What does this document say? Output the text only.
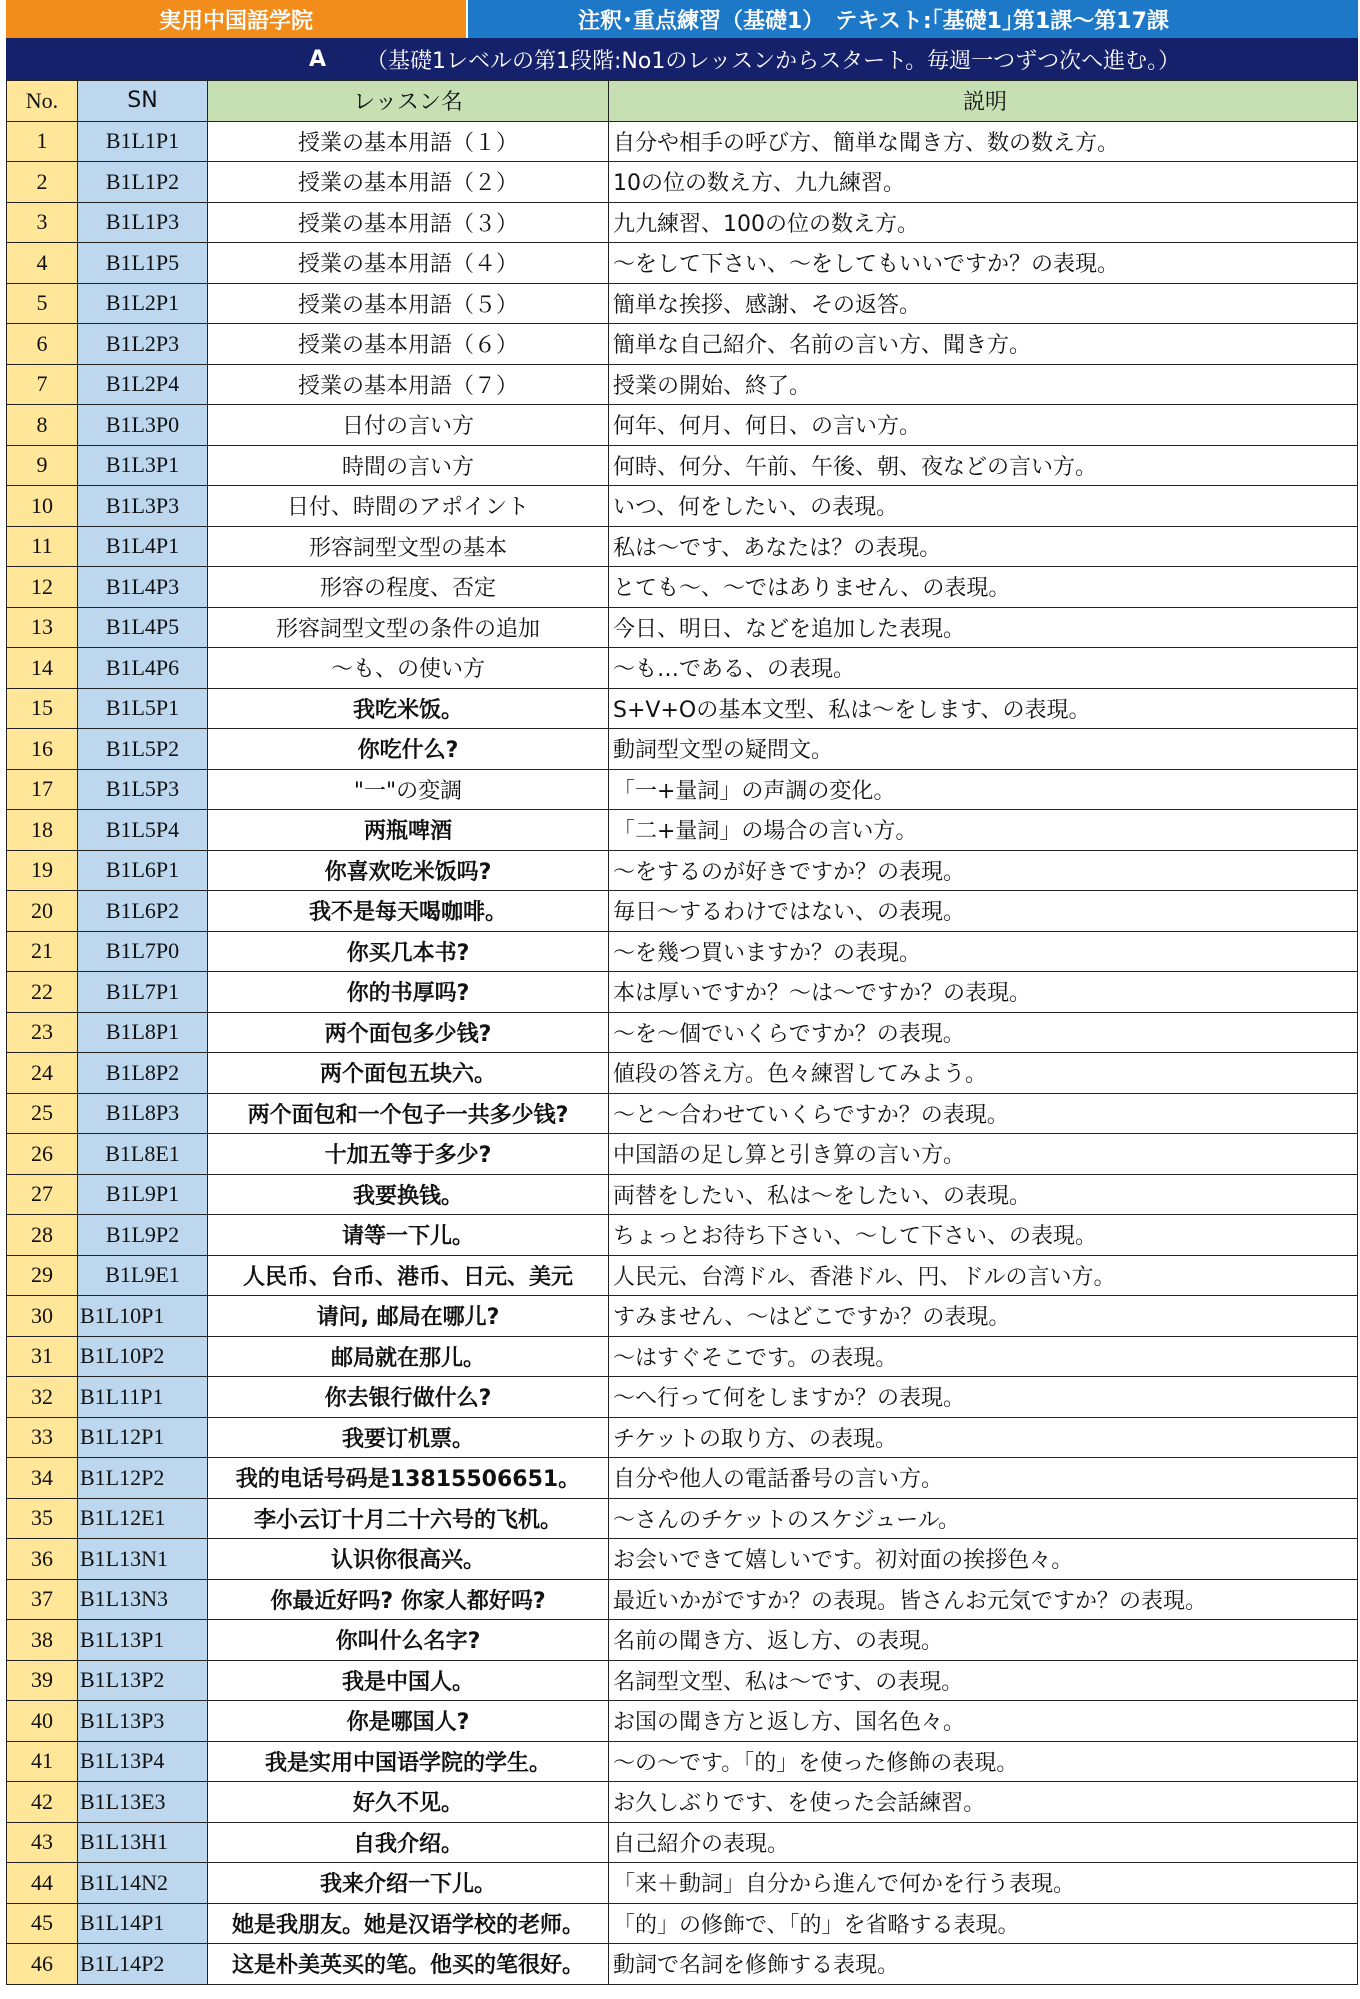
実用中国語学院	注釈･重点練習（基礎1）　テキスト:｢基礎1｣第1課～第17課
A	（基礎1レベルの第1段階:No1のレッスンからスタート。毎週一つずつ次へ進む。）
No.	SN	レッスン名	説明
1	B1L1P1	授業の基本用語（１）	自分や相手の呼び方、簡単な聞き方、数の数え方。
2	B1L1P2	授業の基本用語（２）	10の位の数え方、九九練習。
3	B1L1P3	授業の基本用語（３）	九九練習、100の位の数え方。
4	B1L1P5	授業の基本用語（４）	～をして下さい、～をしてもいいですか？の表現。
5	B1L2P1	授業の基本用語（５）	簡単な挨拶、感謝、その返答。
6	B1L2P3	授業の基本用語（６）	簡単な自己紹介、名前の言い方、聞き方。
7	B1L2P4	授業の基本用語（７）	授業の開始、終了。
8	B1L3P0	日付の言い方	何年、何月、何日、の言い方。
9	B1L3P1	時間の言い方	何時、何分、午前、午後、朝、夜などの言い方。
10	B1L3P3	日付、時間のアポイント	いつ、何をしたい、の表現。
11	B1L4P1	形容詞型文型の基本	私は～です、あなたは？の表現。
12	B1L4P3	形容の程度、否定	とても～、～ではありません、の表現。
13	B1L4P5	形容詞型文型の条件の追加	今日、明日、などを追加した表現。
14	B1L4P6	～も、の使い方	～も…である、の表現。
15	B1L5P1	我吃米饭。	S+V+Oの基本文型、私は～をします、の表現。
16	B1L5P2	你吃什么?	動詞型文型の疑問文。
17	B1L5P3	"一"の変調	「一+量詞」の声調の変化。
18	B1L5P4	两瓶啤酒	「二+量詞」の場合の言い方。
19	B1L6P1	你喜欢吃米饭吗?	～をするのが好きですか？の表現。
20	B1L6P2	我不是每天喝咖啡。	毎日～するわけではない、の表現。
21	B1L7P0	你买几本书?	～を幾つ買いますか？の表現。
22	B1L7P1	你的书厚吗?	本は厚いですか？～は～ですか？の表現。
23	B1L8P1	两个面包多少钱?	～を～個でいくらですか？の表現。
24	B1L8P2	两个面包五块六。	値段の答え方。色々練習してみよう。
25	B1L8P3	两个面包和一个包子一共多少钱?	～と～合わせていくらですか？の表現。
26	B1L8E1	十加五等于多少?	中国語の足し算と引き算の言い方。
27	B1L9P1	我要换钱。	両替をしたい、私は～をしたい、の表現。
28	B1L9P2	请等一下儿。	ちょっとお待ち下さい、～して下さい、の表現。
29	B1L9E1	人民币、台币、港币、日元、美元	人民元、台湾ドル、香港ドル、円、ドルの言い方。
30	B1L10P1	请问, 邮局在哪儿?	すみません、～はどこですか？の表現。
31	B1L10P2	邮局就在那儿。	～はすぐそこです。の表現。
32	B1L11P1	你去银行做什么?	～へ行って何をしますか？の表現。
33	B1L12P1	我要订机票。	チケットの取り方、の表現。
34	B1L12P2	我的电话号码是13815506651。	自分や他人の電話番号の言い方。
35	B1L12E1	李小云订十月二十六号的飞机。	～さんのチケットのスケジュール。
36	B1L13N1	认识你很高兴。	お会いできて嬉しいです。初対面の挨拶色々。
37	B1L13N3	你最近好吗? 你家人都好吗?	最近いかがですか？の表現。皆さんお元気ですか？の表現。
38	B1L13P1	你叫什么名字?	名前の聞き方、返し方、の表現。
39	B1L13P2	我是中国人。	名詞型文型、私は～です、の表現。
40	B1L13P3	你是哪国人?	お国の聞き方と返し方、国名色々。
41	B1L13P4	我是实用中国语学院的学生。	～の～です。「的」を使った修飾の表現。
42	B1L13E3	好久不见。	お久しぶりです、を使った会話練習。
43	B1L13H1	自我介绍。	自己紹介の表現。
44	B1L14N2	我来介绍一下儿。	「来＋動詞」自分から進んで何かを行う表現。
45	B1L14P1	她是我朋友。她是汉语学校的老师。	「的」の修飾で、「的」を省略する表現。
46	B1L14P2	这是朴美英买的笔。他买的笔很好。	動詞で名詞を修飾する表現。
